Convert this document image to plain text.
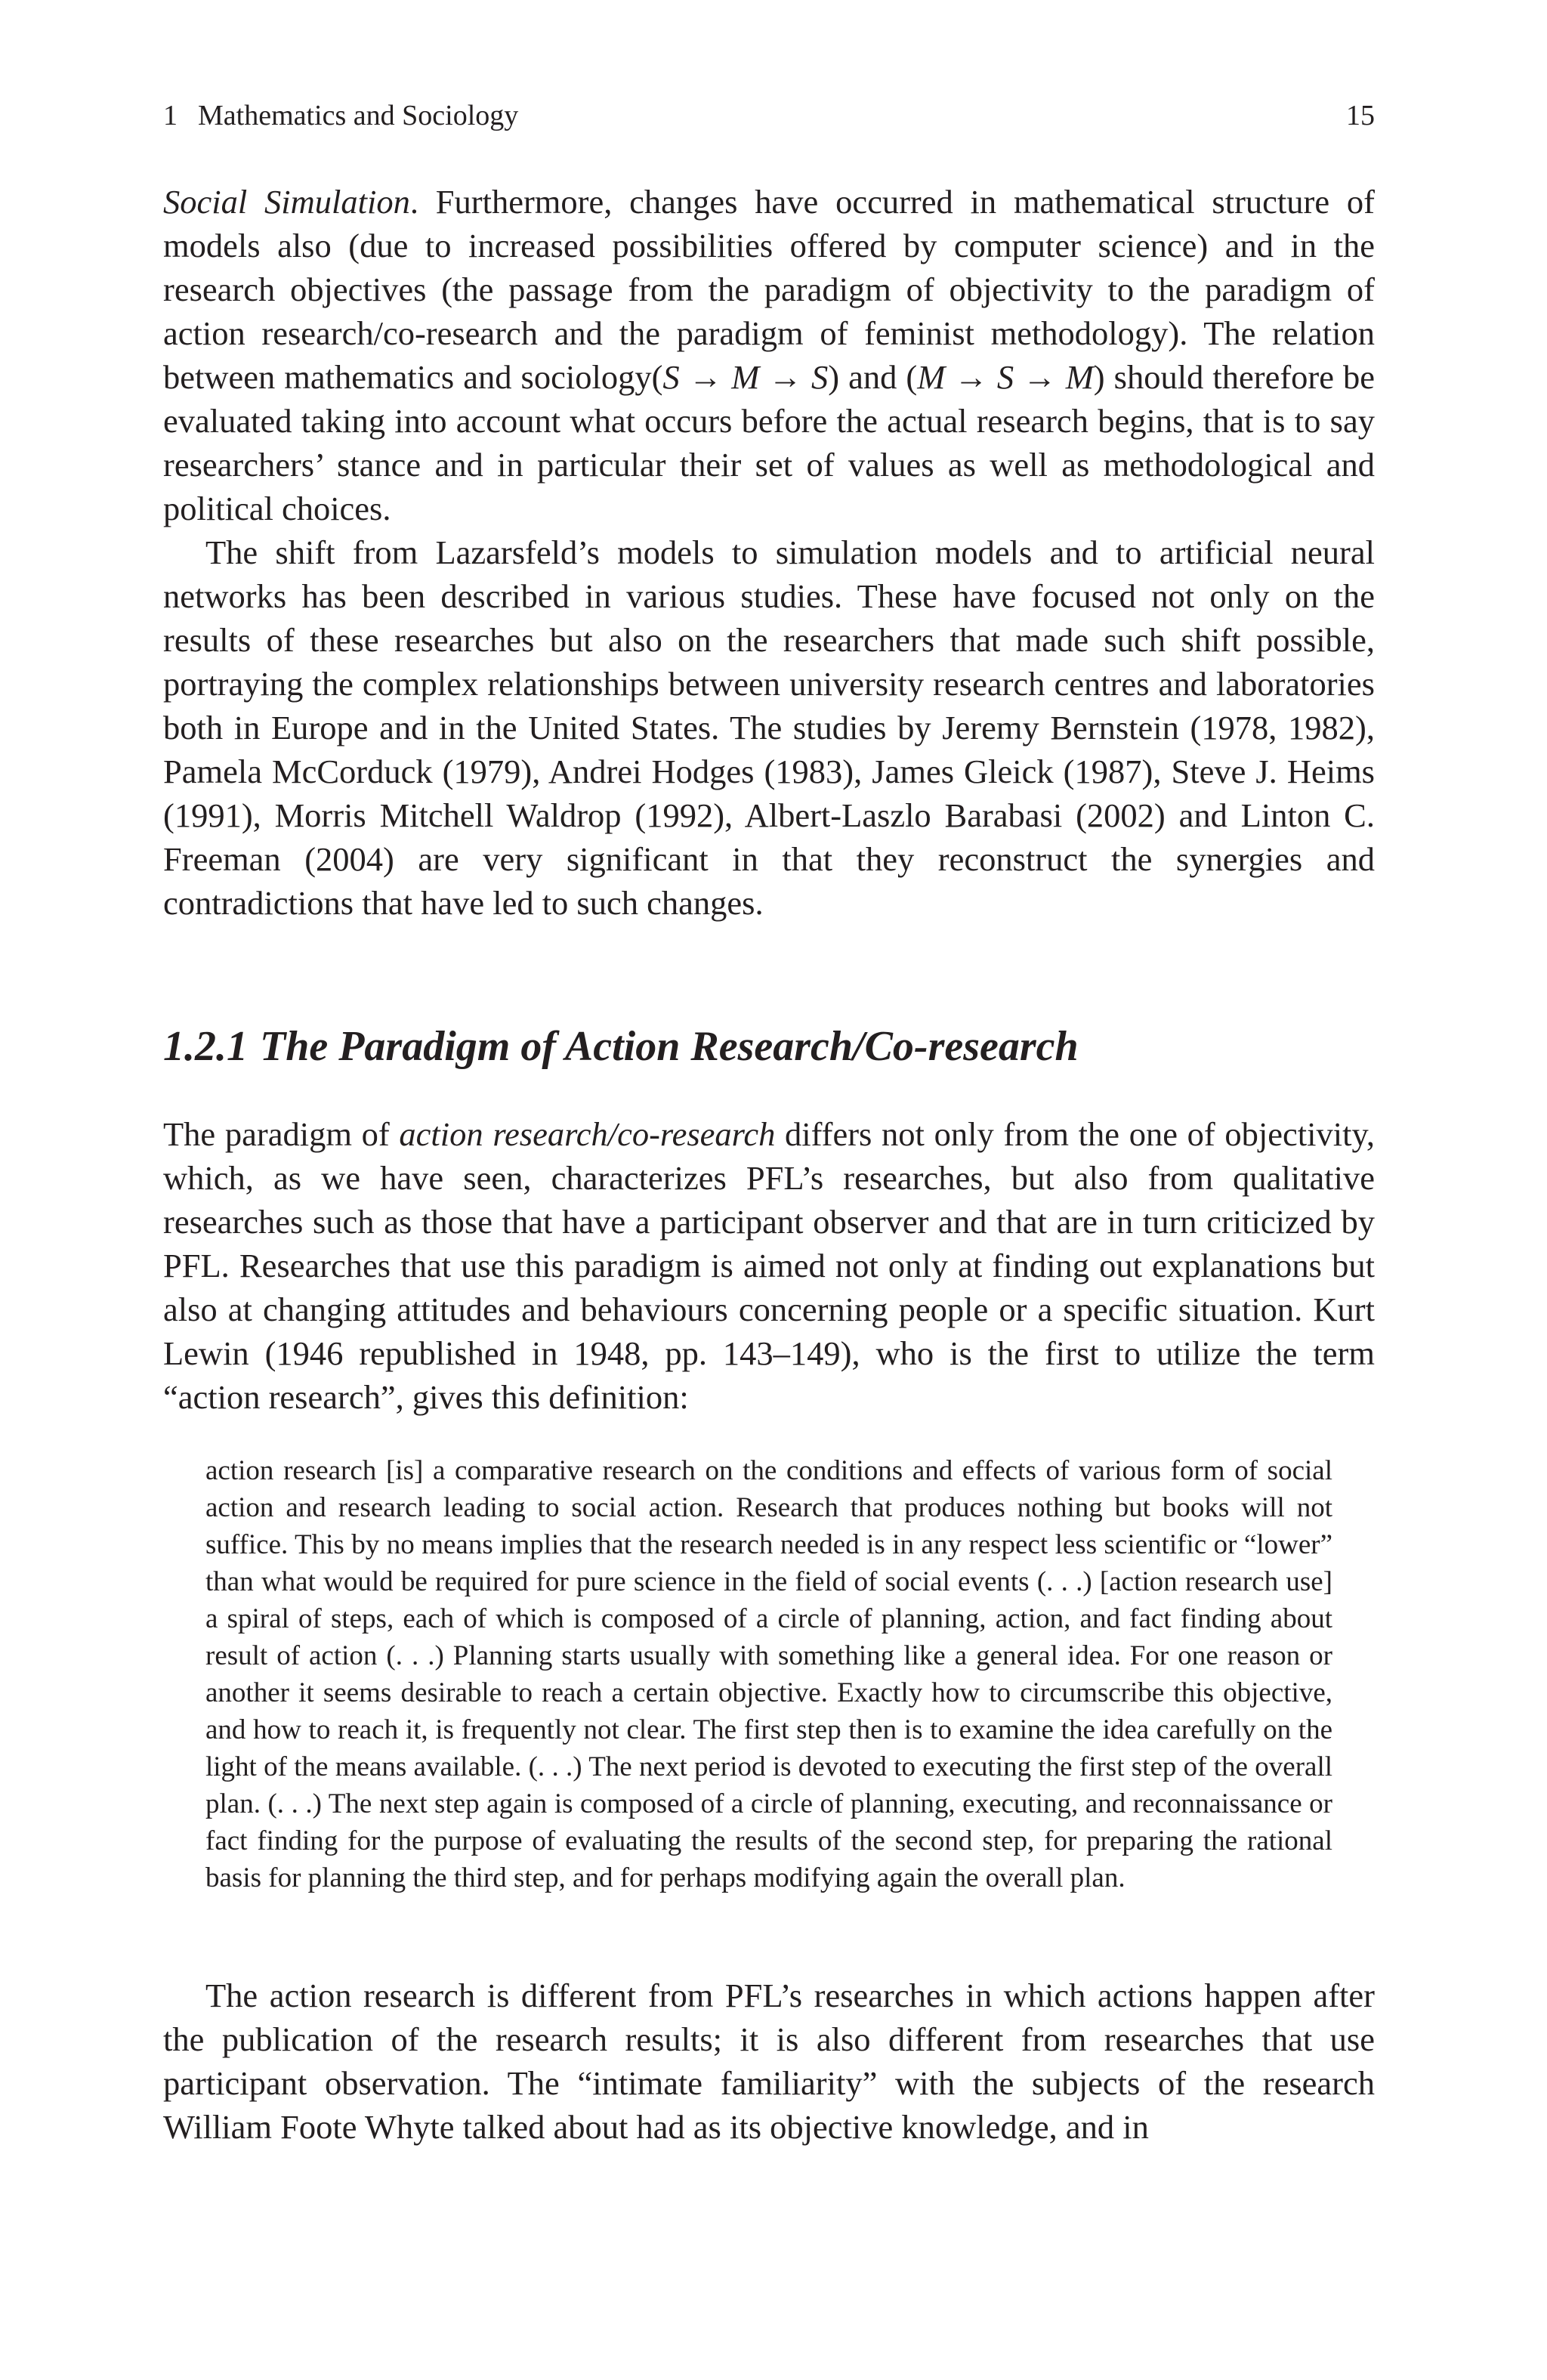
1 Mathematics and Sociology	15

Social Simulation. Furthermore, changes have occurred in mathematical structure of models also (due to increased possibilities offered by computer science) and in the research objectives (the passage from the paradigm of objectivity to the paradigm of action research/co-research and the paradigm of feminist methodology). The relation between mathematics and sociology(S → M → S) and (M → S → M) should therefore be evaluated taking into account what occurs before the actual research begins, that is to say researchers’ stance and in particular their set of values as well as methodological and political choices.

The shift from Lazarsfeld’s models to simulation models and to artificial neural networks has been described in various studies. These have focused not only on the results of these researches but also on the researchers that made such shift possible, portraying the complex relationships between university research centres and laboratories both in Europe and in the United States. The studies by Jeremy Bernstein (1978, 1982), Pamela McCorduck (1979), Andrei Hodges (1983), James Gleick (1987), Steve J. Heims (1991), Morris Mitchell Waldrop (1992), Albert-Laszlo Barabasi (2002) and Linton C. Freeman (2004) are very significant in that they reconstruct the synergies and contradictions that have led to such changes.

1.2.1 The Paradigm of Action Research/Co-research

The paradigm of action research/co-research differs not only from the one of objectivity, which, as we have seen, characterizes PFL’s researches, but also from qualitative researches such as those that have a participant observer and that are in turn criticized by PFL. Researches that use this paradigm is aimed not only at finding out explanations but also at changing attitudes and behaviours concerning people or a specific situation. Kurt Lewin (1946 republished in 1948, pp. 143–149), who is the first to utilize the term “action research”, gives this definition:

action research [is] a comparative research on the conditions and effects of various form of social action and research leading to social action. Research that produces nothing but books will not suffice. This by no means implies that the research needed is in any respect less scientific or “lower” than what would be required for pure science in the field of social events (. . .) [action research use] a spiral of steps, each of which is composed of a circle of planning, action, and fact finding about result of action (. . .) Planning starts usually with something like a general idea. For one reason or another it seems desirable to reach a certain objective. Exactly how to circumscribe this objective, and how to reach it, is frequently not clear. The first step then is to examine the idea carefully on the light of the means available. (. . .) The next period is devoted to executing the first step of the overall plan. (. . .) The next step again is composed of a circle of planning, executing, and reconnaissance or fact finding for the purpose of evaluating the results of the second step, for preparing the rational basis for planning the third step, and for perhaps modifying again the overall plan.

The action research is different from PFL’s researches in which actions happen after the publication of the research results; it is also different from researches that use participant observation. The “intimate familiarity” with the subjects of the research William Foote Whyte talked about had as its objective knowledge, and in
